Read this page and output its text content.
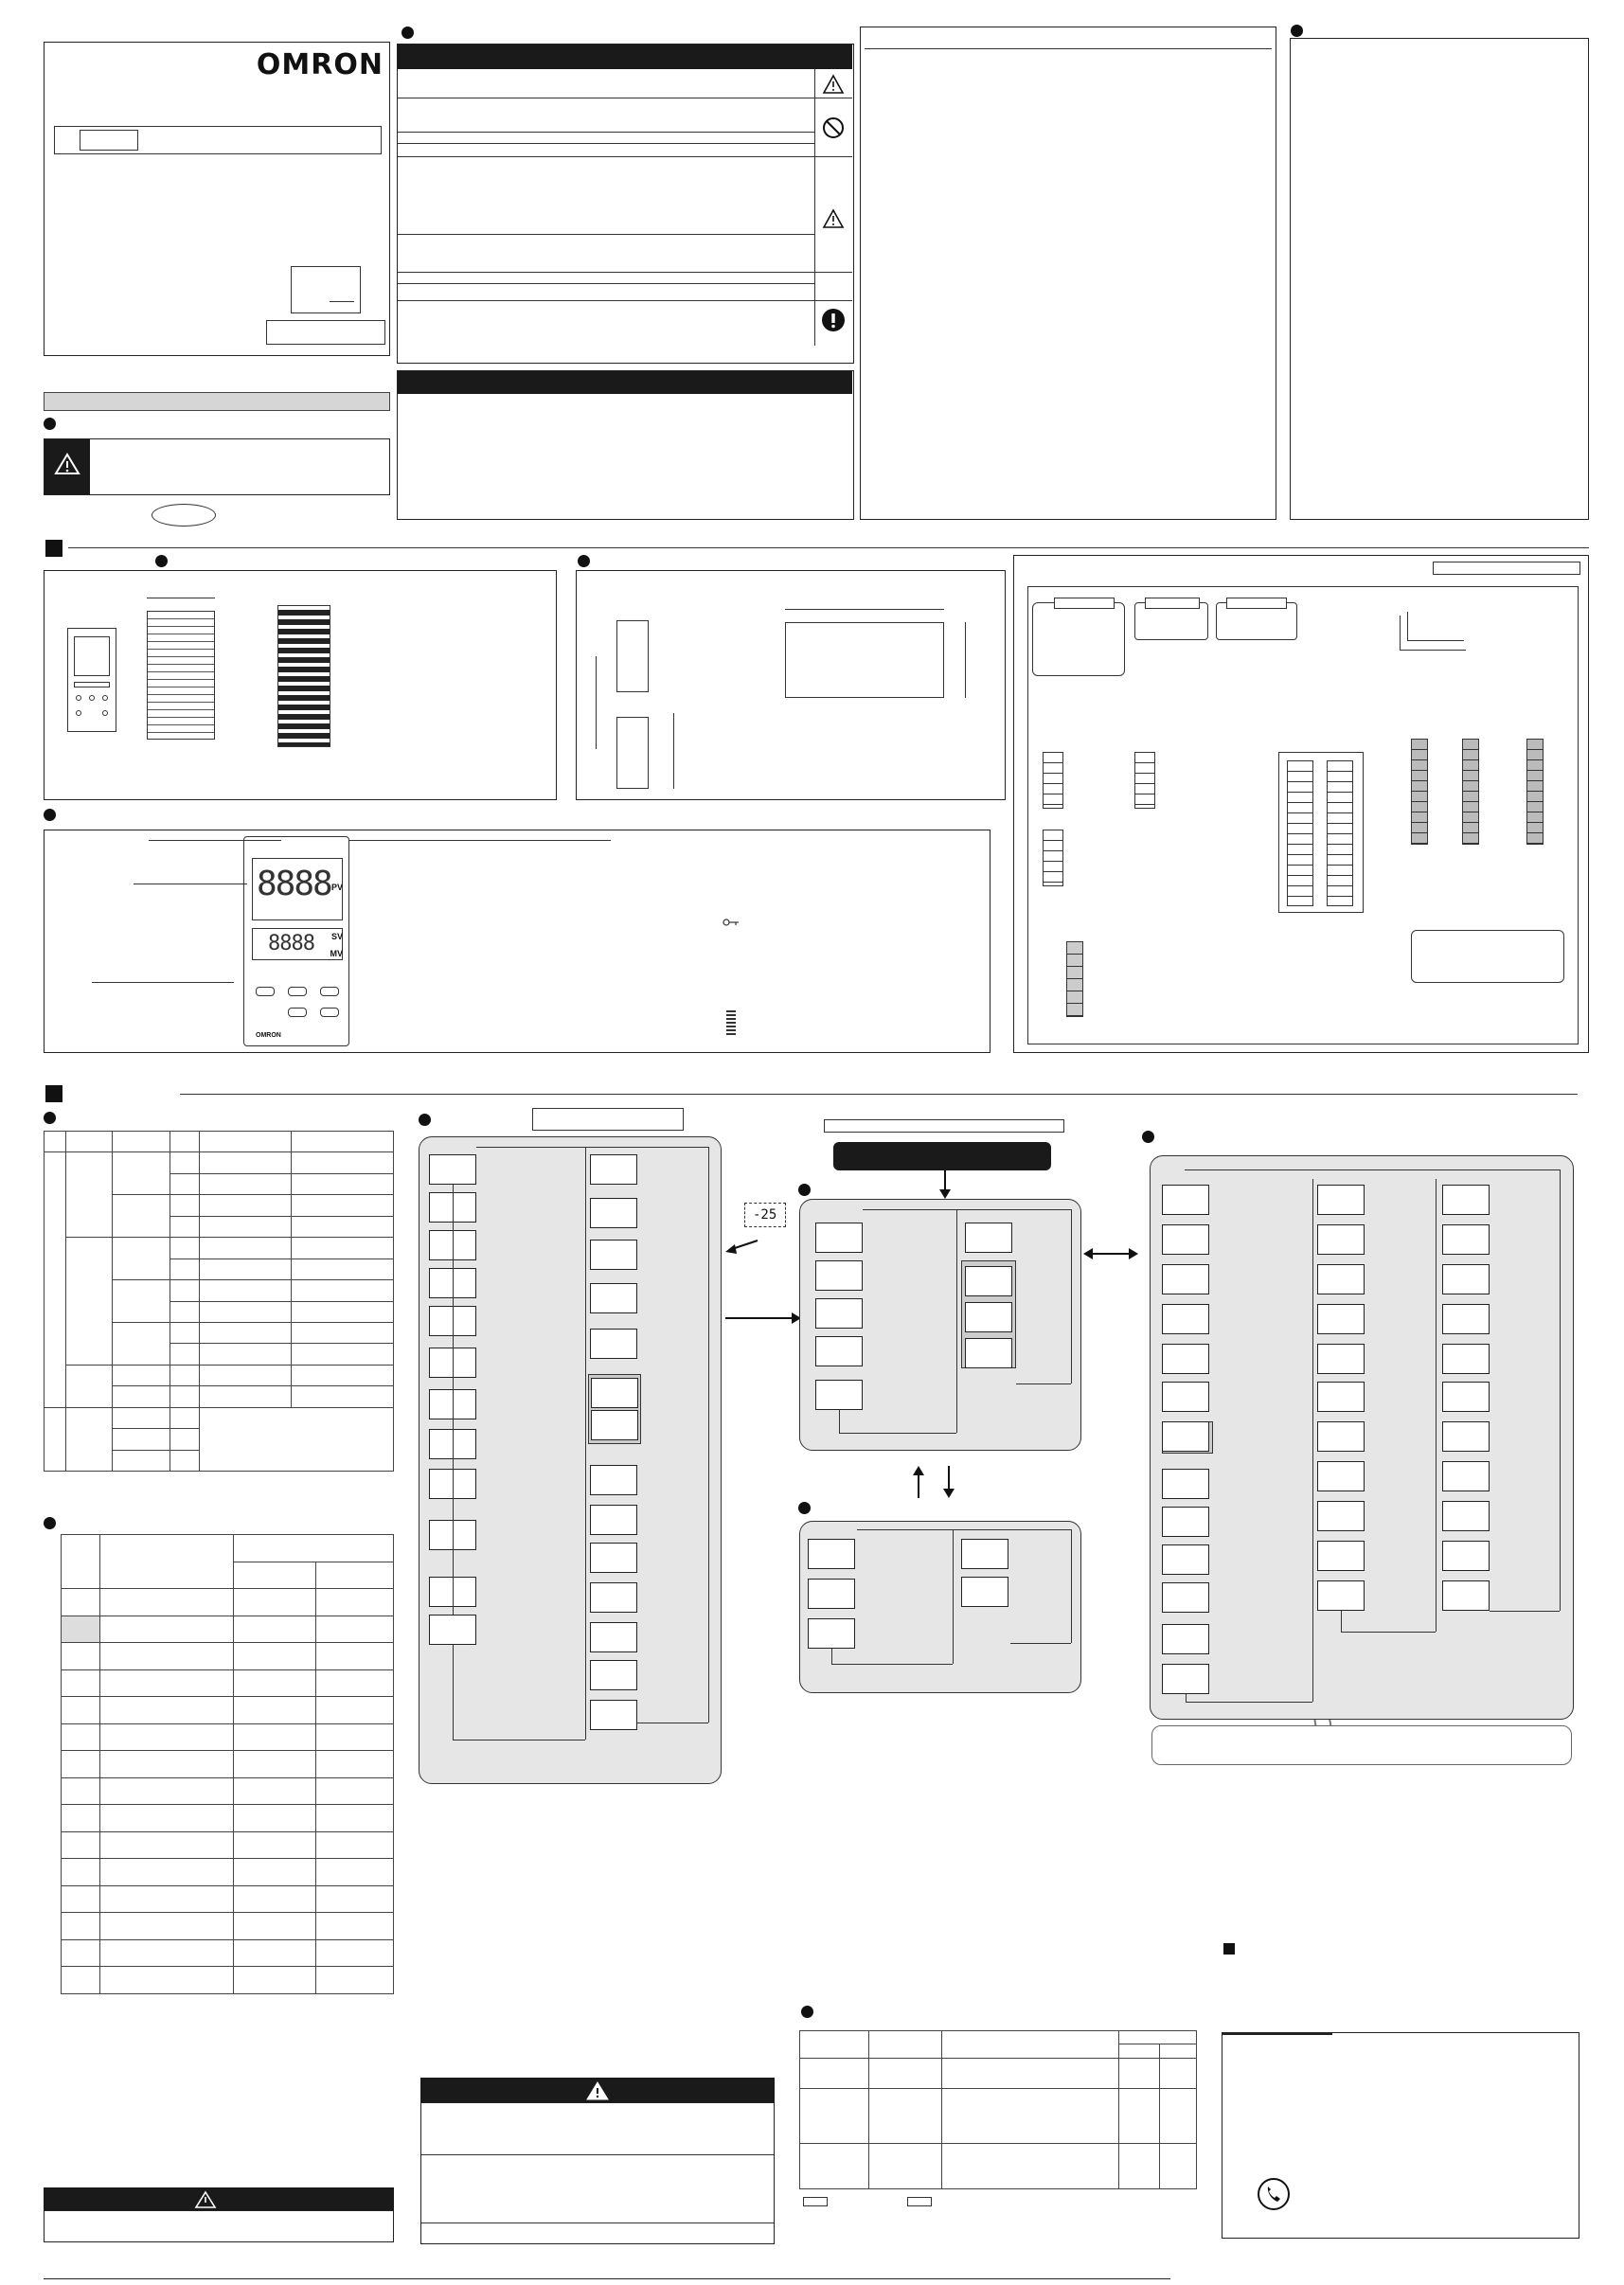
OMRON
8888
8888
PV
SV
MV
OMRON

-25
